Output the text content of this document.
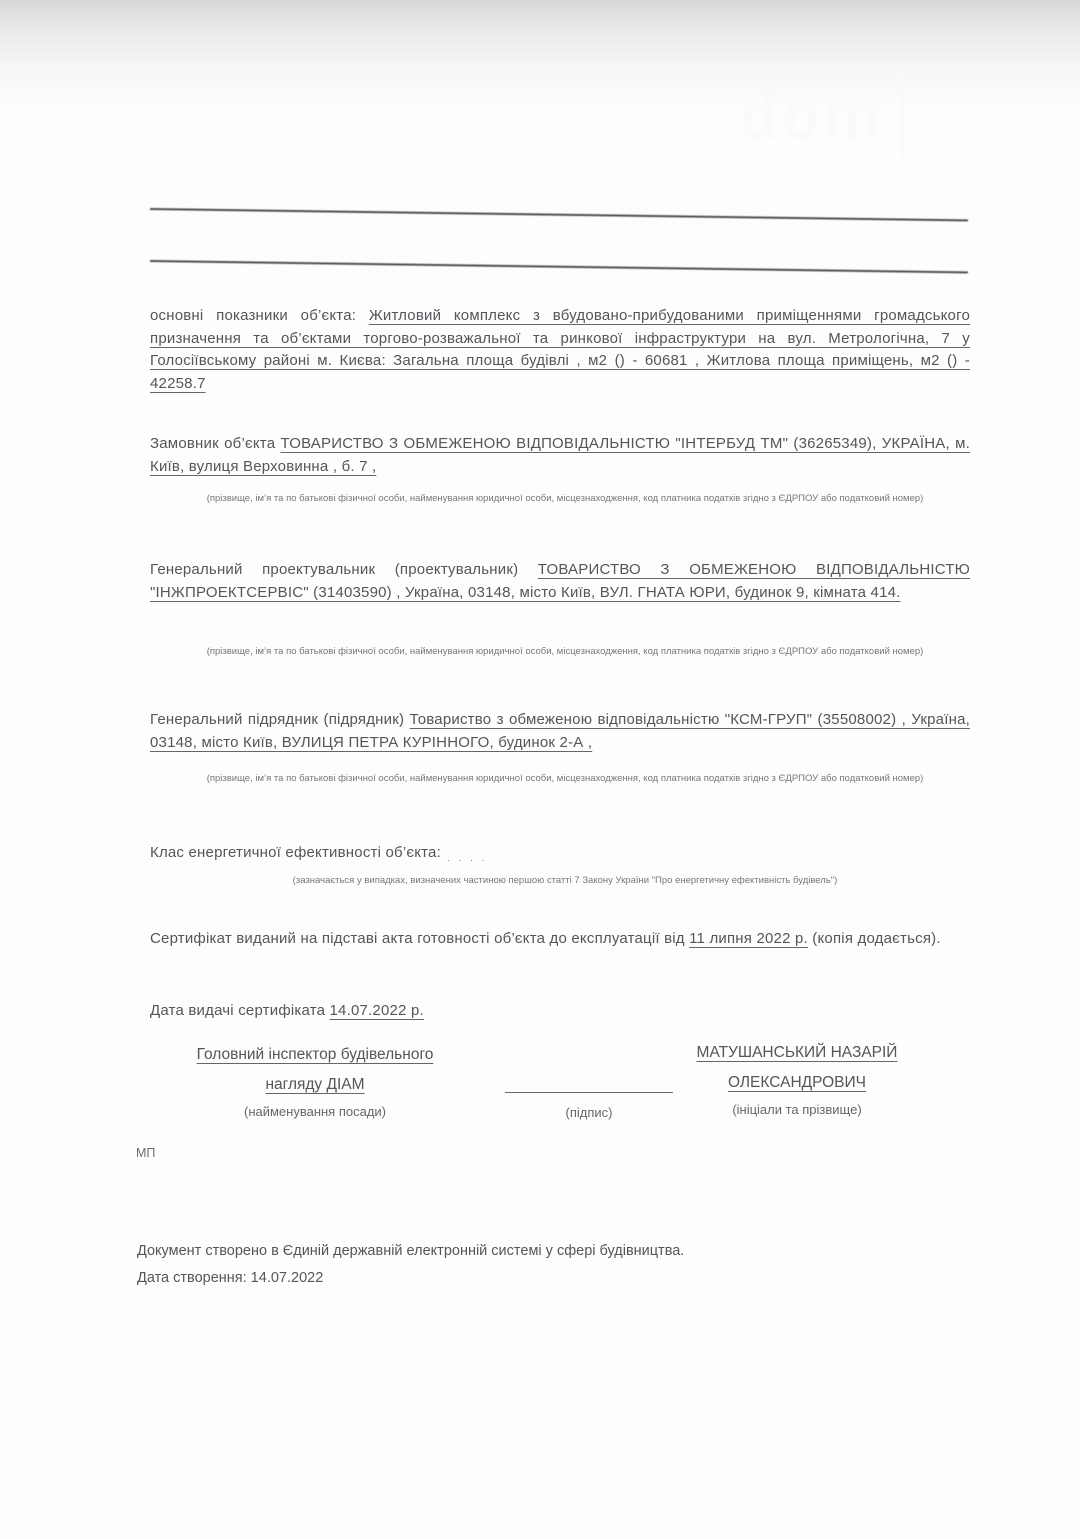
dom

основні показники об’єкта: Житловий комплекс з вбудовано-прибудованими приміщеннями громадського призначення та об’єктами торгово-розважальної та ринкової інфраструктури на вул. Метрологічна, 7 у Голосіївському районі м. Києва: Загальна площа будівлі , м2 () - 60681 , Житлова площа приміщень, м2 () - 42258.7

Замовник об’єкта ТОВАРИСТВО З ОБМЕЖЕНОЮ ВІДПОВІДАЛЬНІСТЮ "ІНТЕРБУД ТМ" (36265349), УКРАЇНА, м. Київ, вулиця Верховинна , б. 7 ,

(прізвище, ім’я та по батькові фізичної особи, найменування юридичної особи, місцезнаходження, код платника податків згідно з ЄДРПОУ або податковий номер)

Генеральний проектувальник (проектувальник) ТОВАРИСТВО З ОБМЕЖЕНОЮ ВІДПОВІДАЛЬНІСТЮ "ІНЖПРОЕКТСЕРВІС" (31403590) , Україна, 03148, місто Київ, ВУЛ. ГНАТА ЮРИ, будинок 9, кімната 414.

(прізвище, ім’я та по батькові фізичної особи, найменування юридичної особи, місцезнаходження, код платника податків згідно з ЄДРПОУ або податковий номер)

Генеральний підрядник (підрядник) Товариство з обмеженою відповідальністю "КСМ-ГРУП" (35508002) , Україна, 03148, місто Київ, ВУЛИЦЯ ПЕТРА КУРІННОГО, будинок 2-А ,

(прізвище, ім’я та по батькові фізичної особи, найменування юридичної особи, місцезнаходження, код платника податків згідно з ЄДРПОУ або податковий номер)

Клас енергетичної ефективності об’єкта: $_{. . . .}$

(зазначається у випадках, визначених частиною першою статті 7 Закону України "Про енергетичну ефективність будівель")

Сертифікат виданий на підставі акта готовності об’єкта до експлуатації від 11 липня 2022 р. (копія додається).

Дата видачі сертифіката 14.07.2022 р.

Головний інспектор будівельного
нагляду ДІАМ
(найменування посади)	(підпис)
МАТУШАНСЬКИЙ НАЗАРІЙ
ОЛЕКСАНДРОВИЧ
(ініціали та прізвище)
МП

Документ створено в Єдиній державній електронній системі у сфері будівництва.
Дата створення: 14.07.2022
